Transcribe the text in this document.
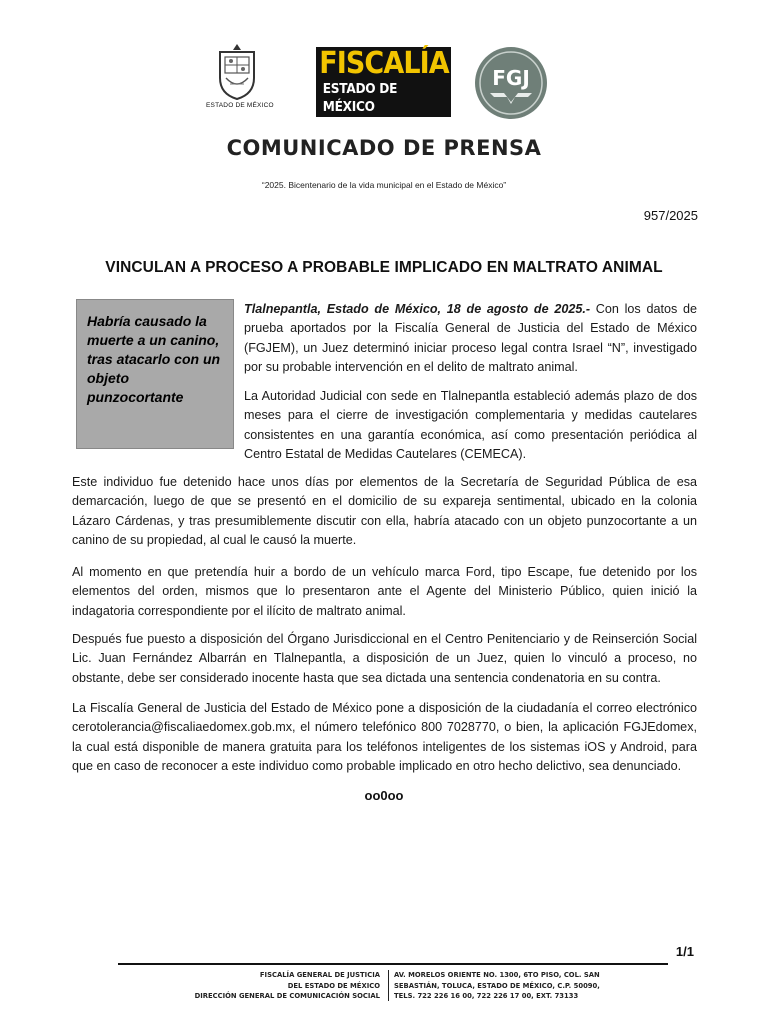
ESTADO DE MÉXICO
FISCALÍA
ESTADO DE MÉXICO
FGJ
COMUNICADO DE PRENSA
“2025. Bicentenario de la vida municipal en el Estado de México”
957/2025
VINCULAN A PROCESO A PROBABLE IMPLICADO EN MALTRATO ANIMAL
Habría causado la muerte a un canino, tras atacarlo con un objeto punzocortante

Tlalnepantla, Estado de México, 18 de agosto de 2025.- Con los datos de prueba aportados por la Fiscalía General de Justicia del Estado de México (FGJEM), un Juez determinó iniciar proceso legal contra Israel “N”, investigado por su probable intervención en el delito de maltrato animal.

La Autoridad Judicial con sede en Tlalnepantla estableció además plazo de dos meses para el cierre de investigación complementaria y medidas cautelares consistentes en una garantía económica, así como presentación periódica al Centro Estatal de Medidas Cautelares (CEMECA).

Este individuo fue detenido hace unos días por elementos de la Secretaría de Seguridad Pública de esa demarcación, luego de que se presentó en el domicilio de su expareja sentimental, ubicado en la colonia Lázaro Cárdenas, y tras presumiblemente discutir con ella, habría atacado con un objeto punzocortante a un canino de su propiedad, al cual le causó la muerte.

Al momento en que pretendía huir a bordo de un vehículo marca Ford, tipo Escape, fue detenido por los elementos del orden, mismos que lo presentaron ante el Agente del Ministerio Público, quien inició la indagatoria correspondiente por el ilícito de maltrato animal.

Después fue puesto a disposición del Órgano Jurisdiccional en el Centro Penitenciario y de Reinserción Social Lic. Juan Fernández Albarrán en Tlalnepantla, a disposición de un Juez, quien lo vinculó a proceso, no obstante, debe ser considerado inocente hasta que sea dictada una sentencia condenatoria en su contra.

La Fiscalía General de Justicia del Estado de México pone a disposición de la ciudadanía el correo electrónico cerotolerancia@fiscaliaedomex.gob.mx, el número telefónico 800 7028770, o bien, la aplicación FGJEdomex, la cual está disponible de manera gratuita para los teléfonos inteligentes de los sistemas iOS y Android, para que en caso de reconocer a este individuo como probable implicado en otro hecho delictivo, sea denunciado.

oo0oo
1/1
FISCALÍA GENERAL DE JUSTICIA
DEL ESTADO DE MÉXICO
DIRECCIÓN GENERAL DE COMUNICACIÓN SOCIAL
AV. MORELOS ORIENTE NO. 1300, 6TO PISO, COL. SAN
SEBASTIÁN, TOLUCA, ESTADO DE MÉXICO, C.P. 50090,
TELS. 722 226 16 00, 722 226 17 00, EXT. 73133
